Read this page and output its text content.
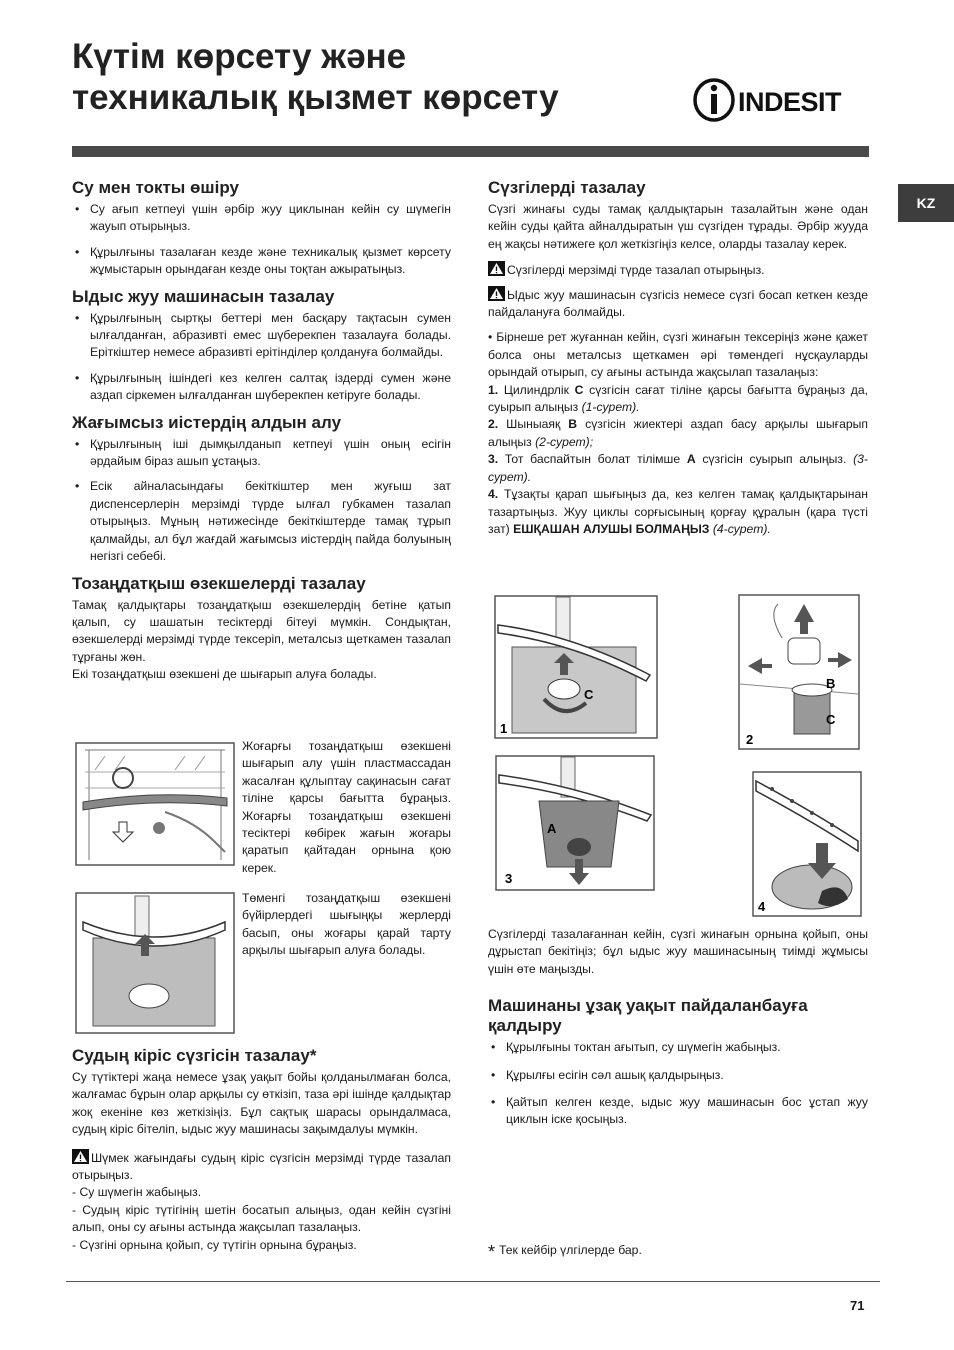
Күтім көрсету және
техникалық қызмет көрсету	INDESIT
KZ
Су мен токты өшіру
• Су ағып кетпеуі үшін әрбір жуу циклынан кейін су шүмегін жауып отырыңыз.
• Құрылғыны тазалаған кезде және техникалық қызмет көрсету жұмыстарын орындаған кезде оны тоқтан ажыратыңыз.
Ыдыс жуу машинасын тазалау
• Құрылғының сыртқы беттері мен басқару тақтасын сумен ылғалданған, абразивті емес шүберекпен тазалауға болады. Еріткіштер немесе абразивті ерітінділер қолдануға болмайды.
• Құрылғының ішіндегі кез келген салтақ іздерді сумен және аздап сіркемен ылғалданған шүберекпен кетіруге болады.
Жағымсыз иістердің алдын алу
• Құрылғының іші дымқылданып кетпеуі үшін оның есігін әрдайым біраз ашып ұстаңыз.
• Есік айналасындағы бекіткіштер мен жуғыш зат диспенсерлерін мерзімді түрде ылғал губкамен тазалап отырыңыз. Мұның нәтижесінде бекіткіштерде тамақ тұрып қалмайды, ал бұл жағдай жағымсыз иістердің пайда болуының негізгі себебі.
Тозаңдатқыш өзекшелерді тазалау

Тамақ қалдықтары тозаңдатқыш өзекшелердің бетіне қатып қалып, су шашатын тесіктерді бітеуі мүмкін. Сондықтан, өзекшелерді мерзімді түрде тексеріп, металсыз щеткамен тазалап тұрғаны жөн.

Екі тозаңдатқыш өзекшені де шығарып алуға болады.

Жоғарғы тозаңдатқыш өзекшені шығарып алу үшін пластмассадан жасалған құлыптау сақинасын сағат тіліне қарсы бағытта бұраңыз. Жоғарғы тозаңдатқыш өзекшені тесіктері көбірек жағын жоғары қаратып қайтадан орнына қою керек.
Төменгі тозаңдатқыш өзекшені бүйірлердегі шығыңқы жерлерді басып, оны жоғары қарай тарту арқылы шығарып алуға болады.
Судың кіріс сүзгісін тазалау*

Су түтіктері жаңа немесе ұзақ уақыт бойы қолданылмаған болса, жалғамас бұрын олар арқылы су өткізіп, таза әрі ішінде қалдықтар жоқ екеніне көз жеткізіңіз. Бұл сақтық шарасы орындалмаса, судың кіріс бітеліп, ыдыс жуу машинасы зақымдалуы мүмкін.

Шүмек жағындағы судың кіріс сүзгісін мерзімді түрде тазалап отырыңыз.

- Су шүмегін жабыңыз.

- Судың кіріс түтігінің шетін босатып алыңыз, одан кейін сүзгіні алып, оны су ағыны астында жақсылап тазалаңыз.

- Сүзгіні орнына қойып, су түтігін орнына бұраңыз.

Сүзгілерді тазалау

Сүзгі жинағы суды тамақ қалдықтарын тазалайтын және одан кейін суды қайта айналдыратын үш сүзгіден тұрады. Әрбір жууда ең жақсы нәтижеге қол жеткізгіңіз келсе, оларды тазалау керек.

Сүзгілерді мерзімді түрде тазалап отырыңыз.

Ыдыс жуу машинасын сүзгісіз немесе сүзгі босап кеткен кезде пайдалануға болмайды.

• Бірнеше рет жуғаннан кейін, сүзгі жинағын тексеріңіз және қажет болса оны металсыз щеткамен әрі төмендегі нұсқауларды орындай отырып, су ағыны астында жақсылап тазалаңыз:

1. Цилиндрлік C сүзгісін сағат тіліне қарсы бағытта бұраңыз да, суырып алыңыз (1-сурет).

2. Шыныаяқ B сүзгісін жиектері аздап басу арқылы шығарып алыңыз (2-сурет);

3. Тот баспайтын болат тілімше A сүзгісін суырып алыңыз. (3-сурет).

4. Тұзақты қарап шығыңыз да, кез келген тамақ қалдықтарынан тазартыңыз. Жуу циклы сорғысының қорғау құралын (қара түсті зат) ЕШҚАШАН АЛУШЫ БОЛМАҢЫЗ (4-сурет).

C
1
B
C
2
A
3
4

Сүзгілерді тазалағаннан кейін, сүзгі жинағын орнына қойып, оны дұрыстап бекітіңіз; бұл ыдыс жуу машинасының тиімді жұмысы үшін өте маңызды.

Машинаны ұзақ уақыт пайдаланбауға қалдыру
• Құрылғыны токтан ағытып, су шүмегін жабыңыз.
• Құрылғы есігін сәл ашық қалдырыңыз.
• Қайтып келген кезде, ыдыс жуу машинасын бос ұстап жуу циклын іске қосыңыз.
* Тек кейбір үлгілерде бар.
71
